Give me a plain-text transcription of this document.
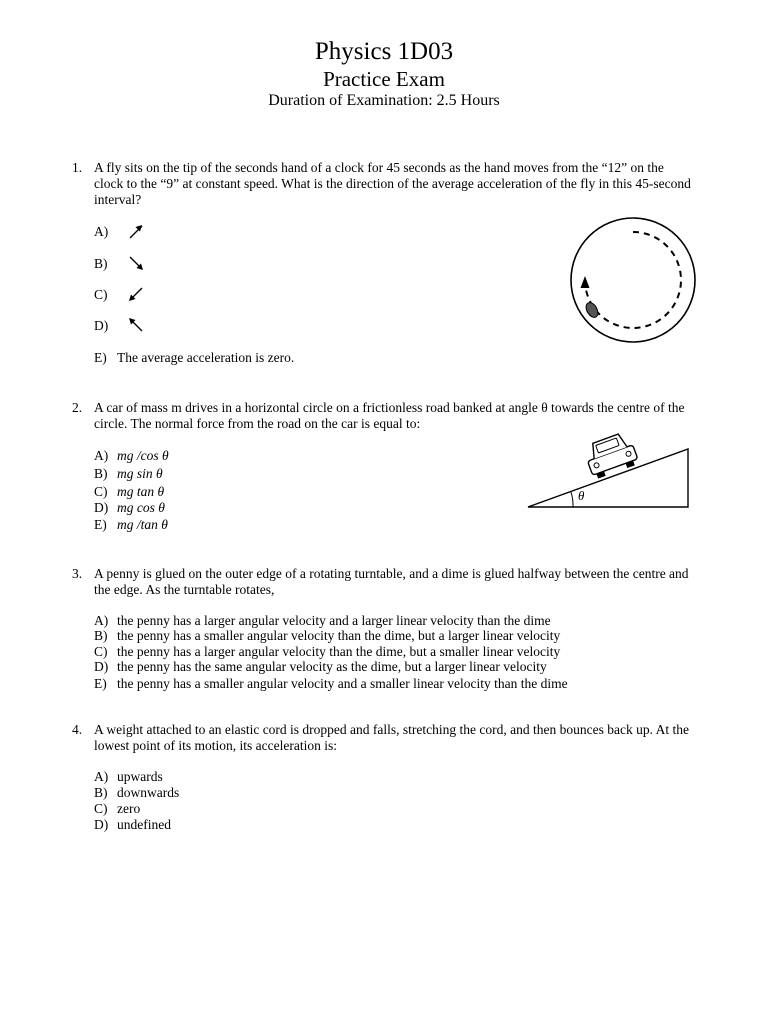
Physics 1D03
Practice Exam
Duration of Examination: 2.5 Hours
1. A fly sits on the tip of the seconds hand of a clock for 45 seconds as the hand moves from the “12” on the clock to the “9” at constant speed. What is the direction of the average acceleration of the fly in this 45-second interval?
A)
B)
C)
D)
E) The average acceleration is zero.
2. A car of mass m drives in a horizontal circle on a frictionless road banked at angle θ towards the centre of the circle. The normal force from the road on the car is equal to:
A) mg /cos θ
B) mg sin θ
C) mg tan θ
D) mg cos θ
E) mg /tan θ
θ
3. A penny is glued on the outer edge of a rotating turntable, and a dime is glued halfway between the centre and the edge. As the turntable rotates,
A) the penny has a larger angular velocity and a larger linear velocity than the dime
B) the penny has a smaller angular velocity than the dime, but a larger linear velocity
C) the penny has a larger angular velocity than the dime, but a smaller linear velocity
D) the penny has the same angular velocity as the dime, but a larger linear velocity
E) the penny has a smaller angular velocity and a smaller linear velocity than the dime
4. A weight attached to an elastic cord is dropped and falls, stretching the cord, and then bounces back up. At the lowest point of its motion, its acceleration is:
A) upwards
B) downwards
C) zero
D) undefined
